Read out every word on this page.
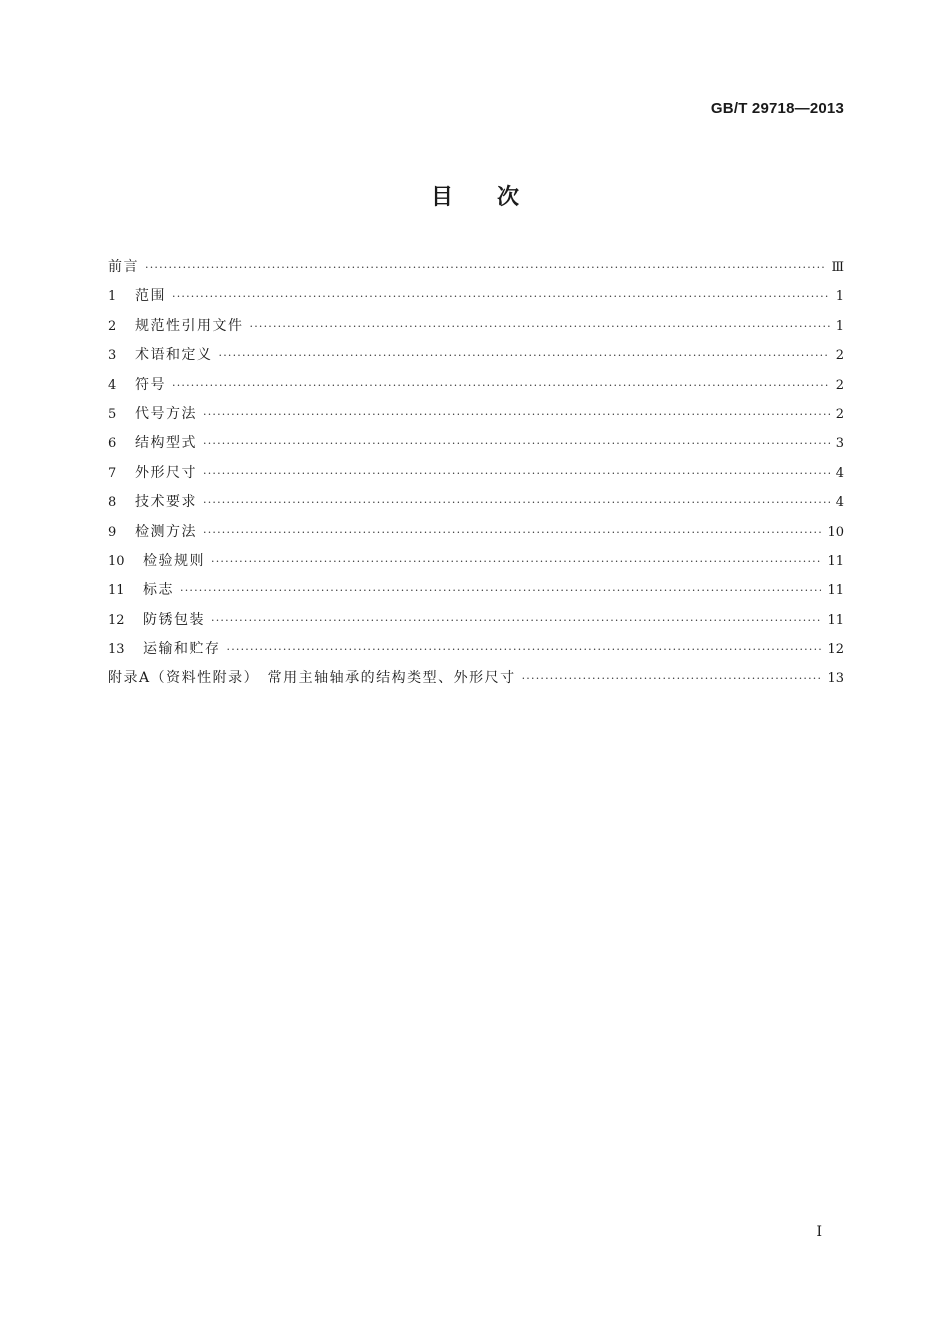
GB/T 29718—2013
目次
前言 ·····	Ⅲ
1	范围 ·····	1
2	规范性引用文件 ·····	1
3	术语和定义 ·····	2
4	符号 ·····	2
5	代号方法 ·····	2
6	结构型式 ·····	3
7	外形尺寸 ·····	4
8	技术要求 ·····	4
9	检测方法 ·····	10
10	检验规则 ·····	11
11	标志 ·····	11
12	防锈包装 ·····	11
13	运输和贮存 ·····	12
附录A（资料性附录）　常用主轴轴承的结构类型、外形尺寸 ·····	13
Ⅰ
